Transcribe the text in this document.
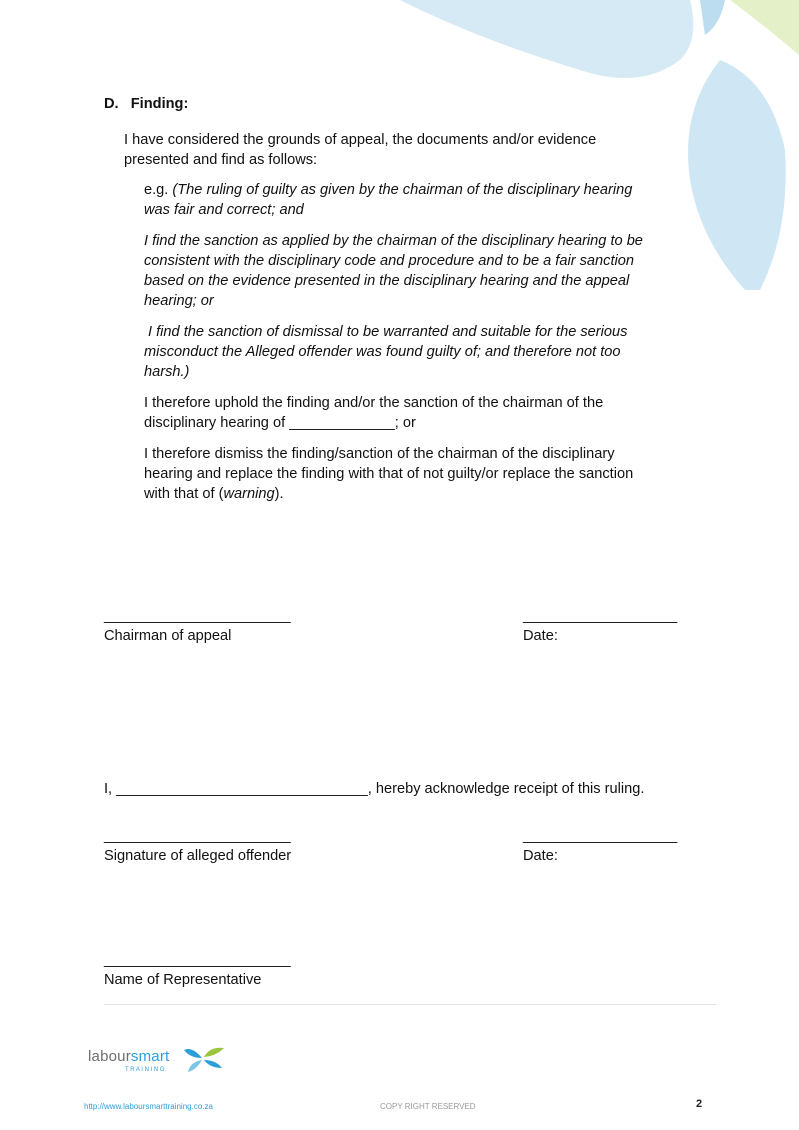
D. Finding:
I have considered the grounds of appeal, the documents and/or evidence
presented and find as follows:
e.g. (The ruling of guilty as given by the chairman of the disciplinary hearing
was fair and correct; and
I find the sanction as applied by the chairman of the disciplinary hearing to be
consistent with the disciplinary code and procedure and to be a fair sanction
based on the evidence presented in the disciplinary hearing and the appeal
hearing; or
I find the sanction of dismissal to be warranted and suitable for the serious
misconduct the Alleged offender was found guilty of; and therefore not too
harsh.)
I therefore uphold the finding and/or the sanction of the chairman of the
disciplinary hearing of _____________; or
I therefore dismiss the finding/sanction of the chairman of the disciplinary
hearing and replace the finding with that of not guilty/or replace the sanction
with that of (warning).
_______________________
Chairman of appeal
___________________
Date:
I, _______________________________, hereby acknowledge receipt of this ruling.
_______________________
Signature of alleged offender
___________________
Date:
_______________________
Name of Representative
laboursmart
T R A I N I N G
http://www.laboursmarttraining.co.za	COPY RIGHT RESERVED	2
